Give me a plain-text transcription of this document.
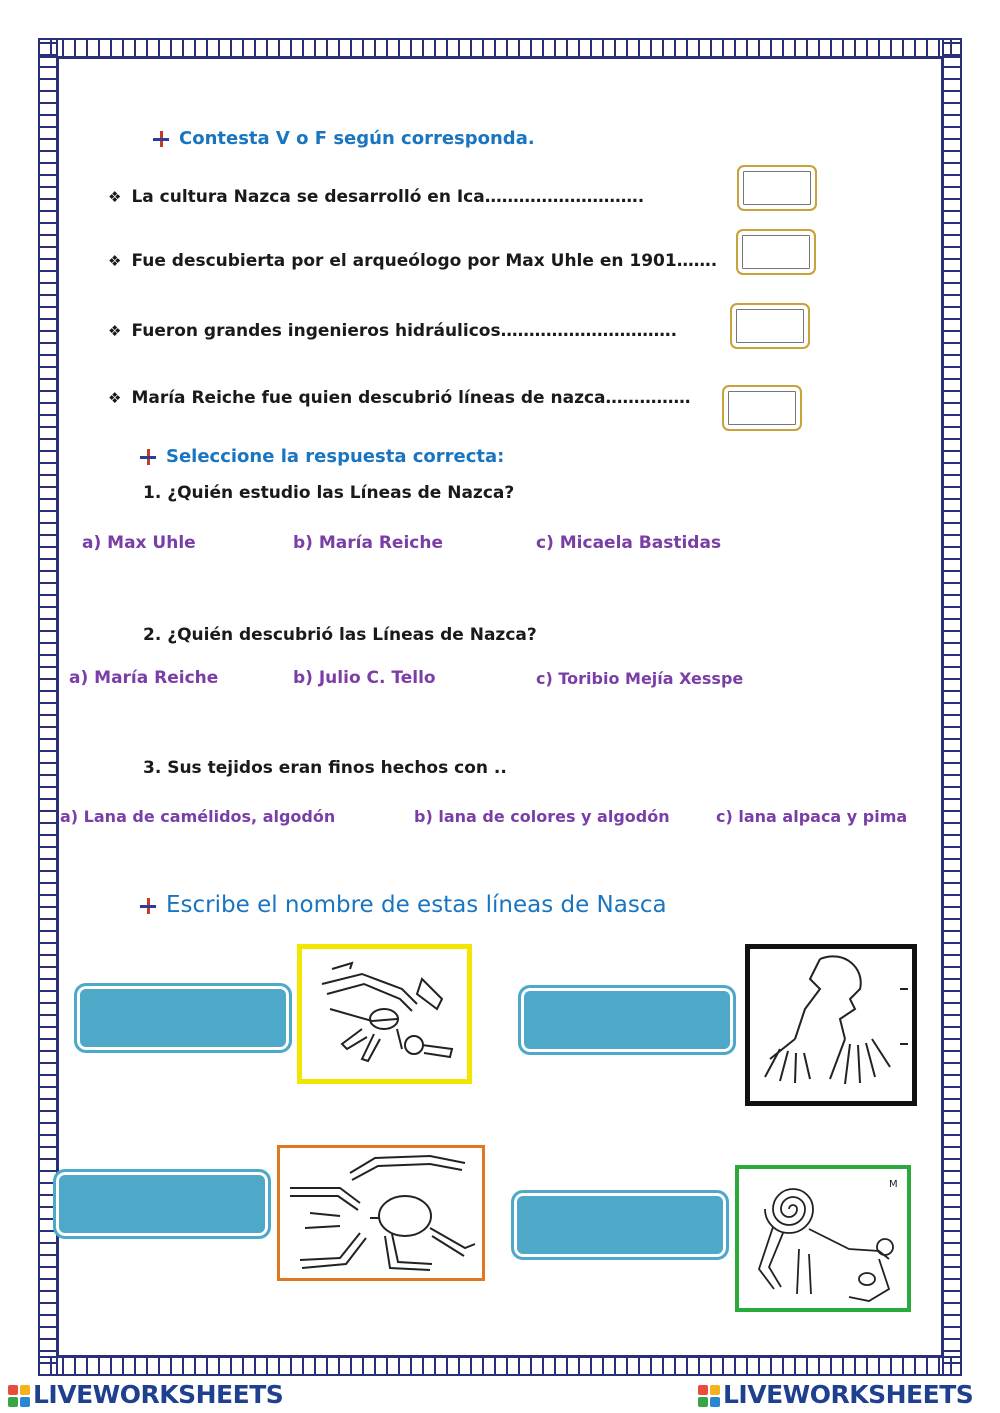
Contesta V o F según corresponda.
❖ La cultura Nazca se desarrolló en Ica……………………….
❖ Fue descubierta por el arqueólogo por Max Uhle en 1901…….
❖ Fueron grandes ingenieros hidráulicos………………………….
❖ María Reiche fue quien descubrió líneas de nazca……………
Seleccione la respuesta correcta:
1. ¿Quién estudio las Líneas de Nazca?
a) Max Uhle	b) María Reiche	c) Micaela Bastidas
2. ¿Quién descubrió las Líneas de Nazca?
a) María Reiche	b) Julio C. Tello	c) Toribio Mejía Xesspe
3. Sus tejidos eran finos hechos con ..
a) Lana de camélidos, algodón	b) lana de colores y algodón	c) lana alpaca y pima
Escribe el nombre de estas líneas de Nasca
M
LIVEWORKSHEETS	LIVEWORKSHEETS
